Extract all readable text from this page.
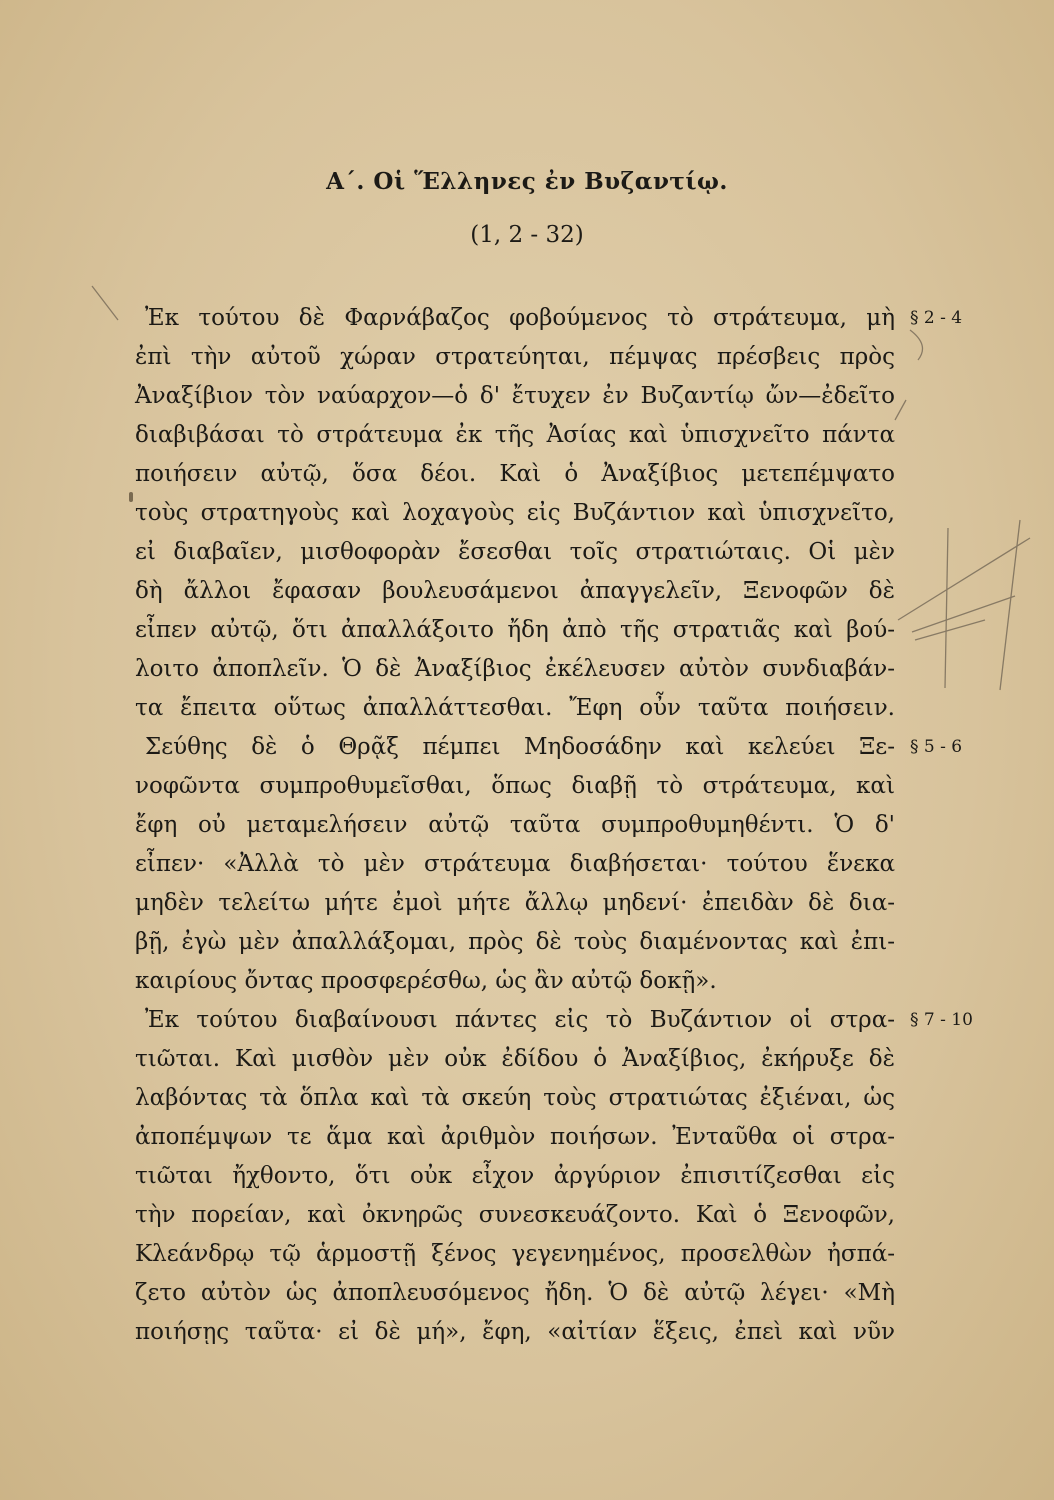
Α΄. Οἱ Ἕλληνες ἐν Βυζαντίῳ.
(1, 2 - 32)
Ἐκ τούτου δὲ Φαρνάβαζος φοβούμενος τὸ στράτευμα, μὴ
ἐπὶ τὴν αὐτοῦ χώραν στρατεύηται, πέμψας πρέσβεις πρὸς
Ἀναξίβιον τὸν ναύαρχον—ὁ δ' ἔτυχεν ἐν Βυζαντίῳ ὤν—ἐδεῖτο
διαβιβάσαι τὸ στράτευμα ἐκ τῆς Ἀσίας καὶ ὑπισχνεῖτο πάντα
ποιήσειν αὐτῷ, ὅσα δέοι. Καὶ ὁ Ἀναξίβιος μετεπέμψατο
τοὺς στρατηγοὺς καὶ λοχαγοὺς εἰς Βυζάντιον καὶ ὑπισχνεῖτο,
εἰ διαβαῖεν, μισθοφορὰν ἔσεσθαι τοῖς στρατιώταις. Οἱ μὲν
δὴ ἄλλοι ἔφασαν βουλευσάμενοι ἀπαγγελεῖν, Ξενοφῶν δὲ
εἶπεν αὐτῷ, ὅτι ἀπαλλάξοιτο ἤδη ἀπὸ τῆς στρατιᾶς καὶ βού-
λοιτο ἀποπλεῖν. Ὁ δὲ Ἀναξίβιος ἐκέλευσεν αὐτὸν συνδιαβάν-
τα ἔπειτα οὕτως ἀπαλλάττεσθαι. Ἔφη οὖν ταῦτα ποιήσειν.
Σεύθης δὲ ὁ Θρᾷξ πέμπει Μηδοσάδην καὶ κελεύει Ξε-
νοφῶντα συμπροθυμεῖσθαι, ὅπως διαβῇ τὸ στράτευμα, καὶ
ἔφη οὐ μεταμελήσειν αὐτῷ ταῦτα συμπροθυμηθέντι. Ὁ δ'
εἶπεν· «Ἀλλὰ τὸ μὲν στράτευμα διαβήσεται· τούτου ἕνεκα
μηδὲν τελείτω μήτε ἐμοὶ μήτε ἄλλῳ μηδενί· ἐπειδὰν δὲ δια-
βῇ, ἐγὼ μὲν ἀπαλλάξομαι, πρὸς δὲ τοὺς διαμένοντας καὶ ἐπι-
καιρίους ὄντας προσφερέσθω, ὡς ἂν αὐτῷ δοκῇ».
Ἐκ τούτου διαβαίνουσι πάντες εἰς τὸ Βυζάντιον οἱ στρα-
τιῶται. Καὶ μισθὸν μὲν οὐκ ἐδίδου ὁ Ἀναξίβιος, ἐκήρυξε δὲ
λαβόντας τὰ ὅπλα καὶ τὰ σκεύη τοὺς στρατιώτας ἐξιέναι, ὡς
ἀποπέμψων τε ἅμα καὶ ἀριθμὸν ποιήσων. Ἐνταῦθα οἱ στρα-
τιῶται ἤχθοντο, ὅτι οὐκ εἶχον ἀργύριον ἐπισιτίζεσθαι εἰς
τὴν πορείαν, καὶ ὀκνηρῶς συνεσκευάζοντο. Καὶ ὁ Ξενοφῶν,
Κλεάνδρῳ τῷ ἁρμοστῇ ξένος γεγενημένος, προσελθὼν ἠσπά-
ζετο αὐτὸν ὡς ἀποπλευσόμενος ἤδη. Ὁ δὲ αὐτῷ λέγει· «Μὴ
ποιήσῃς ταῦτα· εἰ δὲ μή», ἔφη, «αἰτίαν ἕξεις, ἐπεὶ καὶ νῦν
§ 2 - 4
§ 5 - 6
§ 7 - 10
